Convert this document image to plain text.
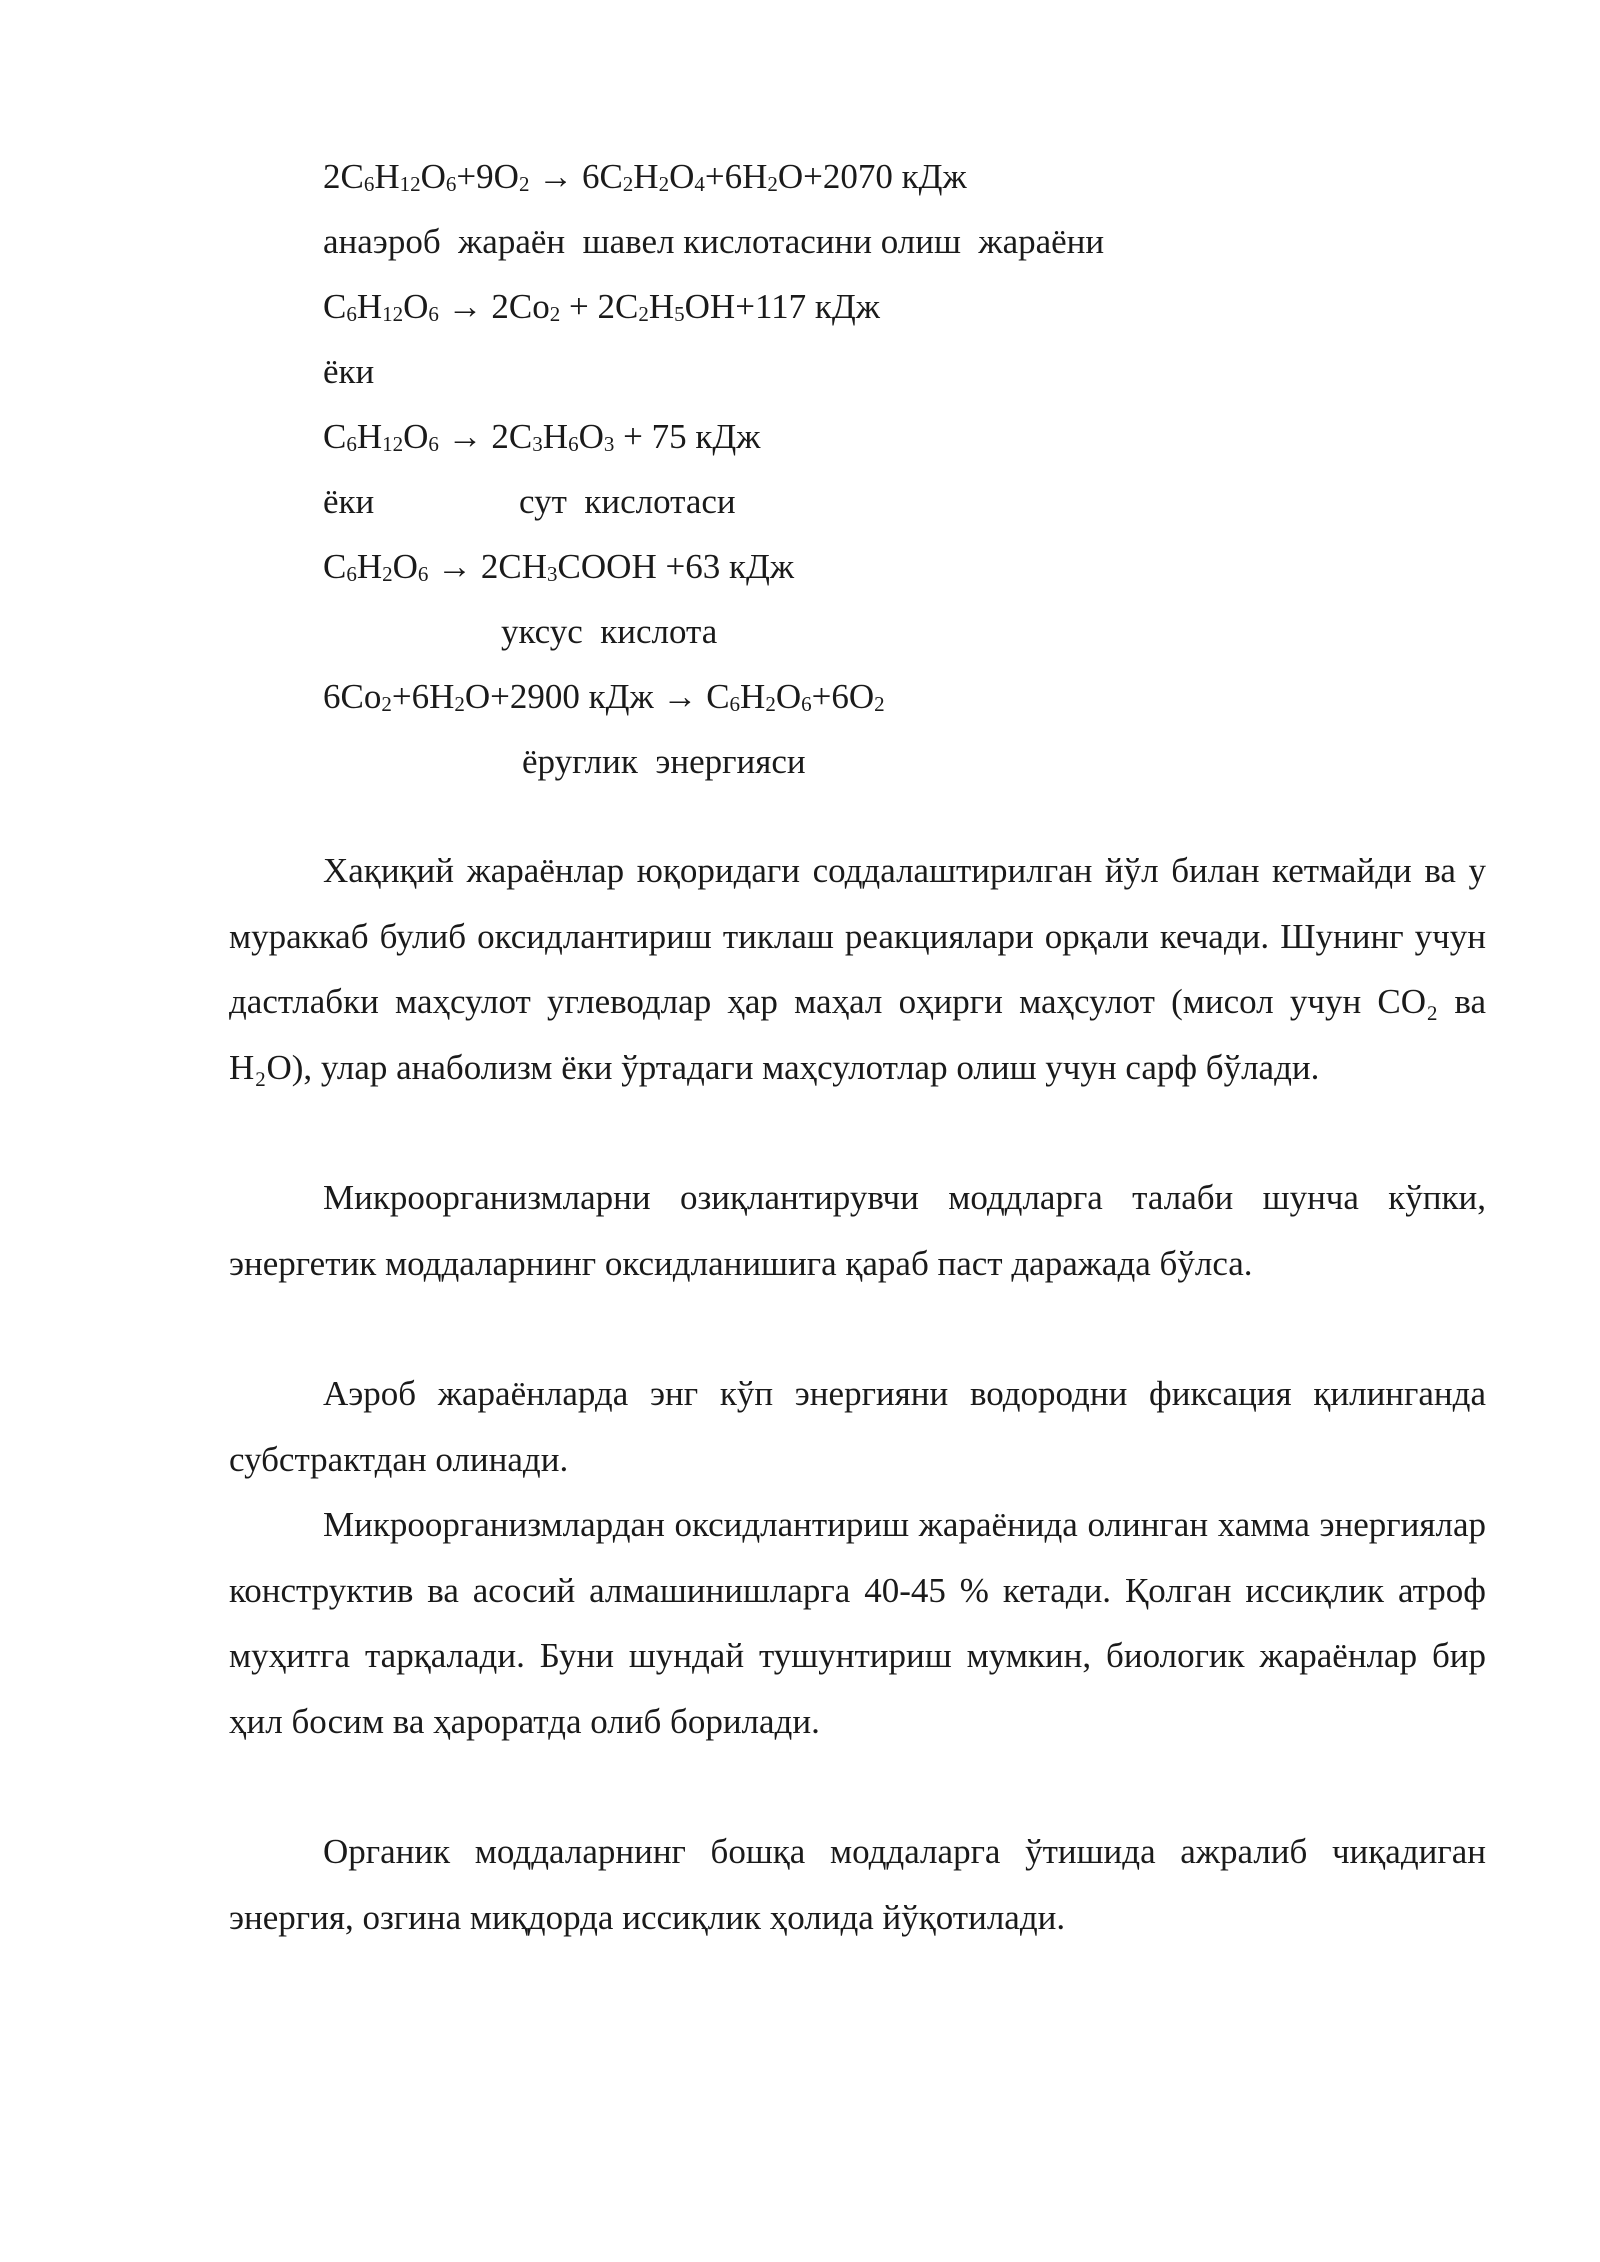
$2C_6H_{12}O_6+9O_2 \to 6C_2H_2O_4+6H_2O+2070$ кДж
анаэроб  жараён  шавел кислотасини олиш  жараёни
$C_6H_{12}O_6 \to 2Co_2 + 2C_2H_5OH+117$ кДж
ёки
$C_6H_{12}O_6 \to 2C_3H_6O_3 + 75$ кДж
ёки	сут  кислотаси
$C_6H_2O_6$ → $2CH_3COOH +63$ кДж
уксус  кислота
$6Co_2+6H_2O+2900$ кДж → $C_6H_2O_6+6O_2$
ёруглик  энергияси

Хақиқий жараёнлар юқоридаги соддалаштирилган йўл билан кетмайди ва у мураккаб булиб оксидлантириш тиклаш реакциялари орқали кечади. Шунинг учун дастлабки маҳсулот углеводлар ҳар маҳал оҳирги маҳсулот (мисол учун CO₂ ва H₂O), улар анаболизм ёки ўртадаги маҳсулотлар олиш учун сарф бўлади.

Микроорганизмларни озиқлантирувчи моддларга талаби шунча кўпки, энергетик моддаларнинг оксидланишига қараб паст даражада бўлса.

Аэроб жараёнларда энг кўп энергияни водородни фиксация қилинганда субстрактдан олинади.

Микроорганизмлардан оксидлантириш жараёнида олинган хамма энергиялар конструктив ва асосий алмашинишларга 40-45 % кетади. Қолган иссиқлик атроф муҳитга тарқалади. Буни шундай тушунтириш мумкин, биологик жараёнлар бир ҳил босим ва ҳароратда олиб борилади.

Органик моддаларнинг бошқа моддаларга ўтишида ажралиб чиқадиган энергия, озгина миқдорда иссиқлик ҳолида йўқотилади.
